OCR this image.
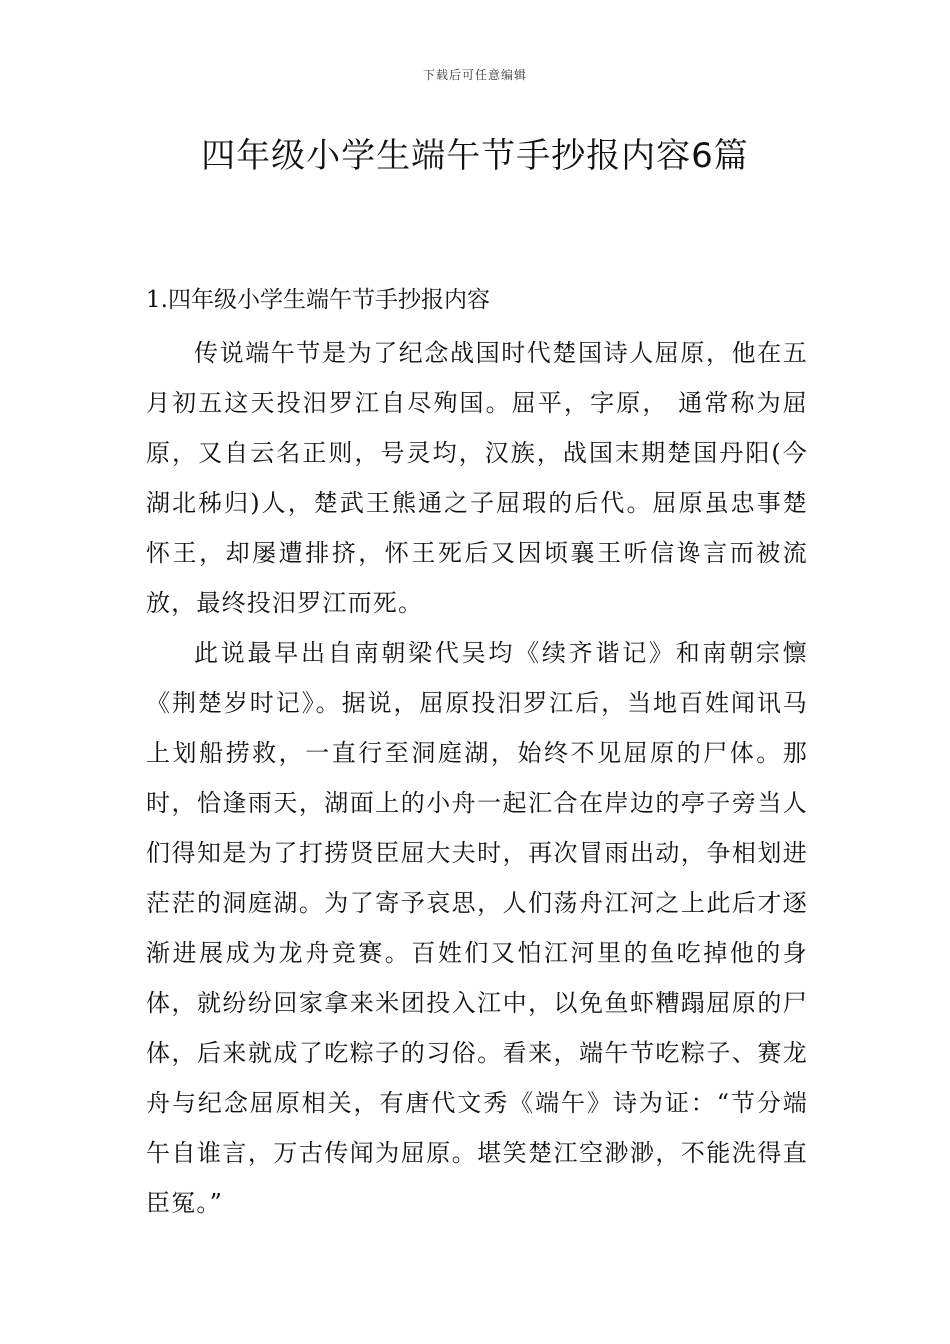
下载后可任意编辑
四年级小学生端午节手抄报内容6篇
1.四年级小学生端午节手抄报内容

传说端午节是为了纪念战国时代楚国诗人屈原，他在五月初五这天投汨罗江自尽殉国。屈平，字原， 通常称为屈原，又自云名正则，号灵均，汉族，战国末期楚国丹阳(今湖北秭归)人，楚武王熊通之子屈瑕的后代。屈原虽忠事楚怀王，却屡遭排挤，怀王死后又因顷襄王听信谗言而被流放，最终投汨罗江而死。

此说最早出自南朝梁代吴均《续齐谐记》和南朝宗懔《荆楚岁时记》。据说，屈原投汨罗江后，当地百姓闻讯马上划船捞救，一直行至洞庭湖，始终不见屈原的尸体。那时，恰逢雨天，湖面上的小舟一起汇合在岸边的亭子旁当人们得知是为了打捞贤臣屈大夫时，再次冒雨出动，争相划进茫茫的洞庭湖。为了寄予哀思，人们荡舟江河之上此后才逐渐进展成为龙舟竞赛。百姓们又怕江河里的鱼吃掉他的身体，就纷纷回家拿来米团投入江中，以免鱼虾糟蹋屈原的尸体，后来就成了吃粽子的习俗。看来，端午节吃粽子、赛龙舟与纪念屈原相关，有唐代文秀《端午》诗为证：“节分端午自谁言，万古传闻为屈原。堪笑楚江空渺渺，不能洗得直臣冤。”
